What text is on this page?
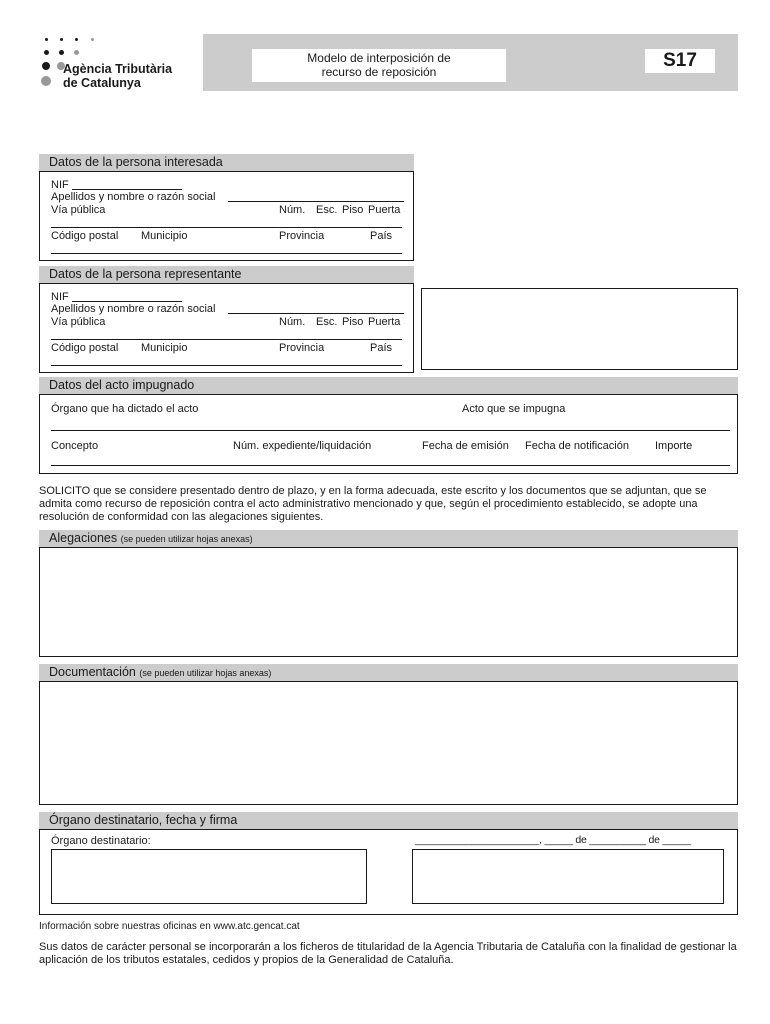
Agència Tributària
de Catalunya
Modelo de interposición de
recurso de reposición
S17
Datos de la persona interesada
NIF
Apellidos y nombre o razón social
Vía pública	Núm. Esc. Piso Puerta
Código postal Municipio	Provincia	País
Datos de la persona representante
NIF
Apellidos y nombre o razón social
Vía pública	Núm. Esc. Piso Puerta
Código postal Municipio	Provincia	País
Datos del acto impugnado
Órgano que ha dictado el acto	Acto que se impugna
Concepto	Núm. expediente/liquidación	Fecha de emisión Fecha de notificación Importe
SOLICITO que se considere presentado dentro de plazo, y en la forma adecuada, este escrito y los documentos que se adjuntan, que se admita como recurso de reposición contra el acto administrativo mencionado y que, según el procedimiento establecido, se adopte una resolución de conformidad con las alegaciones siguientes.
Alegaciones (se pueden utilizar hojas anexas)
Documentación (se pueden utilizar hojas anexas)
Órgano destinatario, fecha y firma
Órgano destinatario:	______________________, _____ de __________ de _____
Información sobre nuestras oficinas en www.atc.gencat.cat
Sus datos de carácter personal se incorporarán a los ficheros de titularidad de la Agencia Tributaria de Cataluña con la finalidad de gestionar la aplicación de los tributos estatales, cedidos y propios de la Generalidad de Cataluña.
